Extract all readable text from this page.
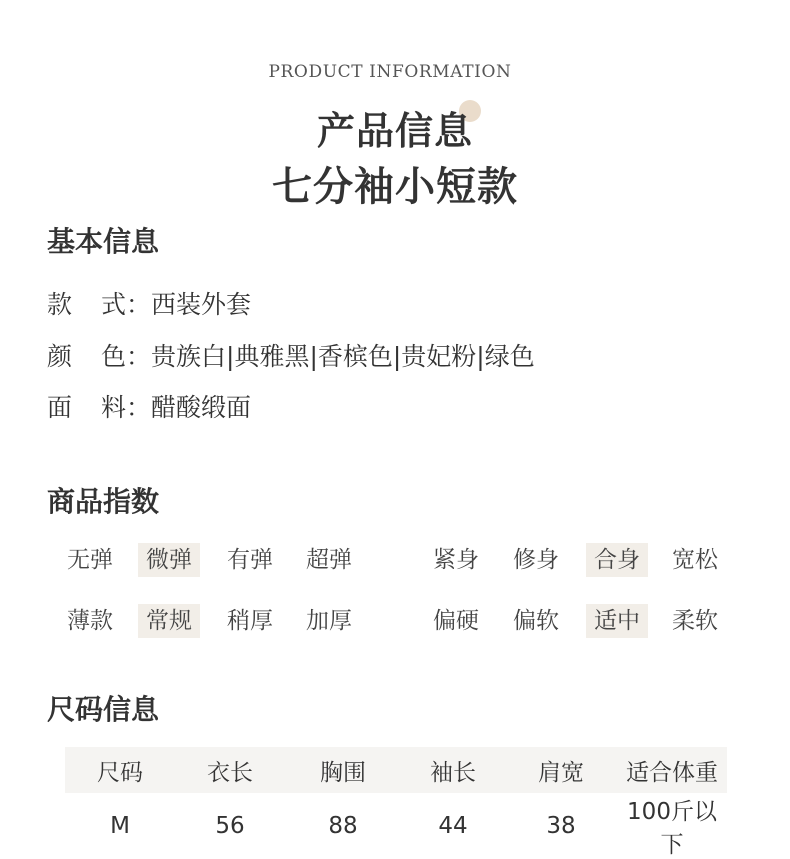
PRODUCT INFORMATION
产品信息
七分袖小短款
基本信息
款 式：西装外套
颜 色：贵族白|典雅黑|香槟色|贵妃粉|绿色
面 料：醋酸缎面
商品指数
无弹	微弹	有弹	超弹	紧身	修身	合身	宽松
薄款	常规	稍厚	加厚	偏硬	偏软	适中	柔软
尺码信息
尺码	衣长	胸围	袖长	肩宽	适合体重
M	56	88	44	38	100斤以下
